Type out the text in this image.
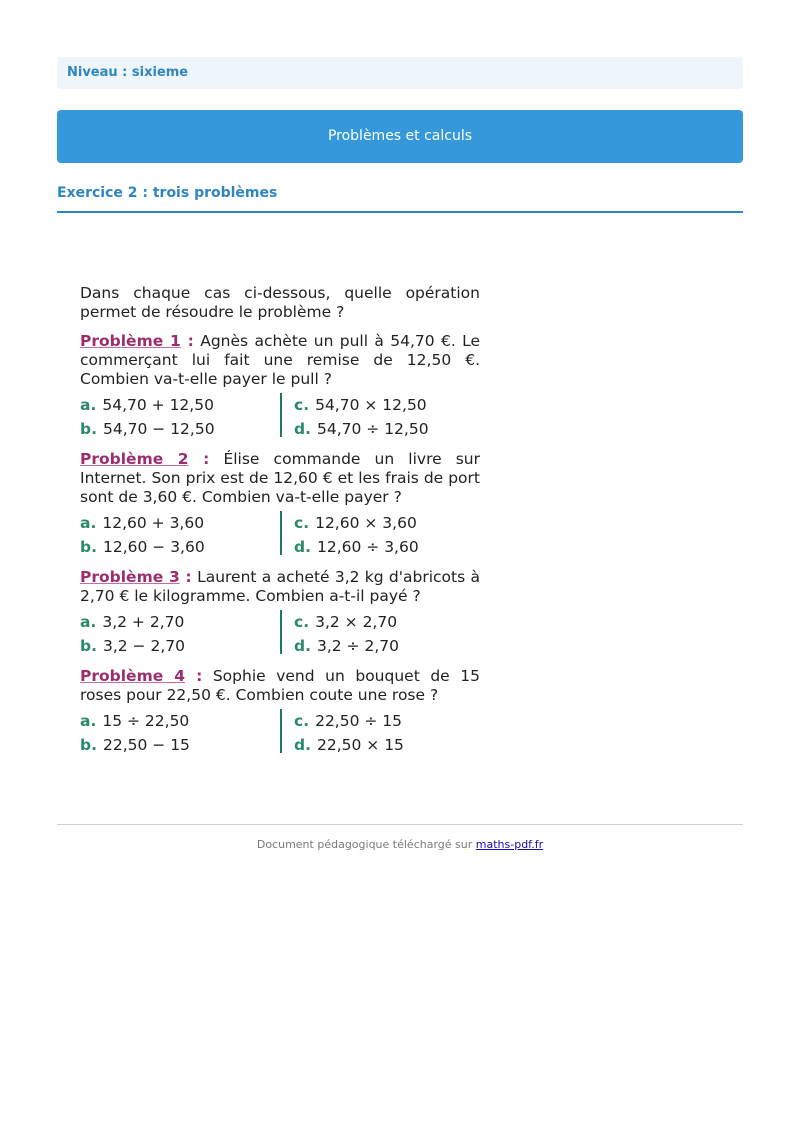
Niveau : sixieme
Problèmes et calculs
Exercice 2 : trois problèmes

Dans chaque cas ci-dessous, quelle opération permet de résoudre le problème ?

Problème 1 : Agnès achète un pull à 54,70 €. Le commerçant lui fait une remise de 12,50 €. Combien va-t-elle payer le pull ?

a. 54,70 + 12,50
b. 54,70 − 12,50
c. 54,70 × 12,50
d. 54,70 ÷ 12,50

Problème 2 : Élise commande un livre sur Internet. Son prix est de 12,60 € et les frais de port sont de 3,60 €. Combien va-t-elle payer ?

a. 12,60 + 3,60
b. 12,60 − 3,60
c. 12,60 × 3,60
d. 12,60 ÷ 3,60

Problème 3 : Laurent a acheté 3,2 kg d'abricots à 2,70 € le kilogramme. Combien a-t-il payé ?

a. 3,2 + 2,70
b. 3,2 − 2,70
c. 3,2 × 2,70
d. 3,2 ÷ 2,70

Problème 4 : Sophie vend un bouquet de 15 roses pour 22,50 €. Combien coute une rose ?

a. 15 ÷ 22,50
b. 22,50 − 15
c. 22,50 ÷ 15
d. 22,50 × 15
Document pédagogique téléchargé sur maths-pdf.fr
